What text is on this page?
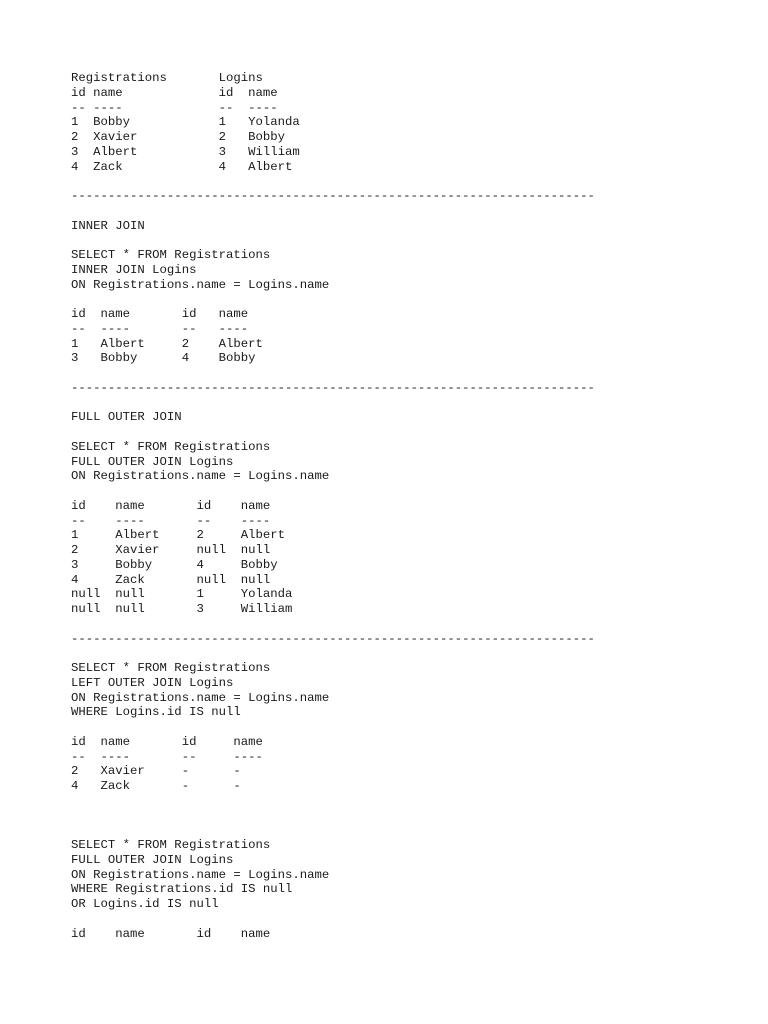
Registrations       Logins
id name             id  name
-- ----             --  ----
1  Bobby            1   Yolanda
2  Xavier           2   Bobby
3  Albert           3   William
4  Zack             4   Albert
-----------------------------------------------------------------------
INNER JOIN
SELECT * FROM Registrations
INNER JOIN Logins
ON Registrations.name = Logins.name
id  name       id   name
--  ----       --   ----
1   Albert     2    Albert
3   Bobby      4    Bobby
-----------------------------------------------------------------------
FULL OUTER JOIN
SELECT * FROM Registrations
FULL OUTER JOIN Logins
ON Registrations.name = Logins.name
id    name       id    name
--    ----       --    ----
1     Albert     2     Albert
2     Xavier     null  null
3     Bobby      4     Bobby
4     Zack       null  null
null  null       1     Yolanda
null  null       3     William
-----------------------------------------------------------------------
SELECT * FROM Registrations
LEFT OUTER JOIN Logins
ON Registrations.name = Logins.name
WHERE Logins.id IS null
id  name       id     name
--  ----       --     ----
2   Xavier     -      -
4   Zack       -      -
SELECT * FROM Registrations
FULL OUTER JOIN Logins
ON Registrations.name = Logins.name
WHERE Registrations.id IS null
OR Logins.id IS null
id    name       id    name
